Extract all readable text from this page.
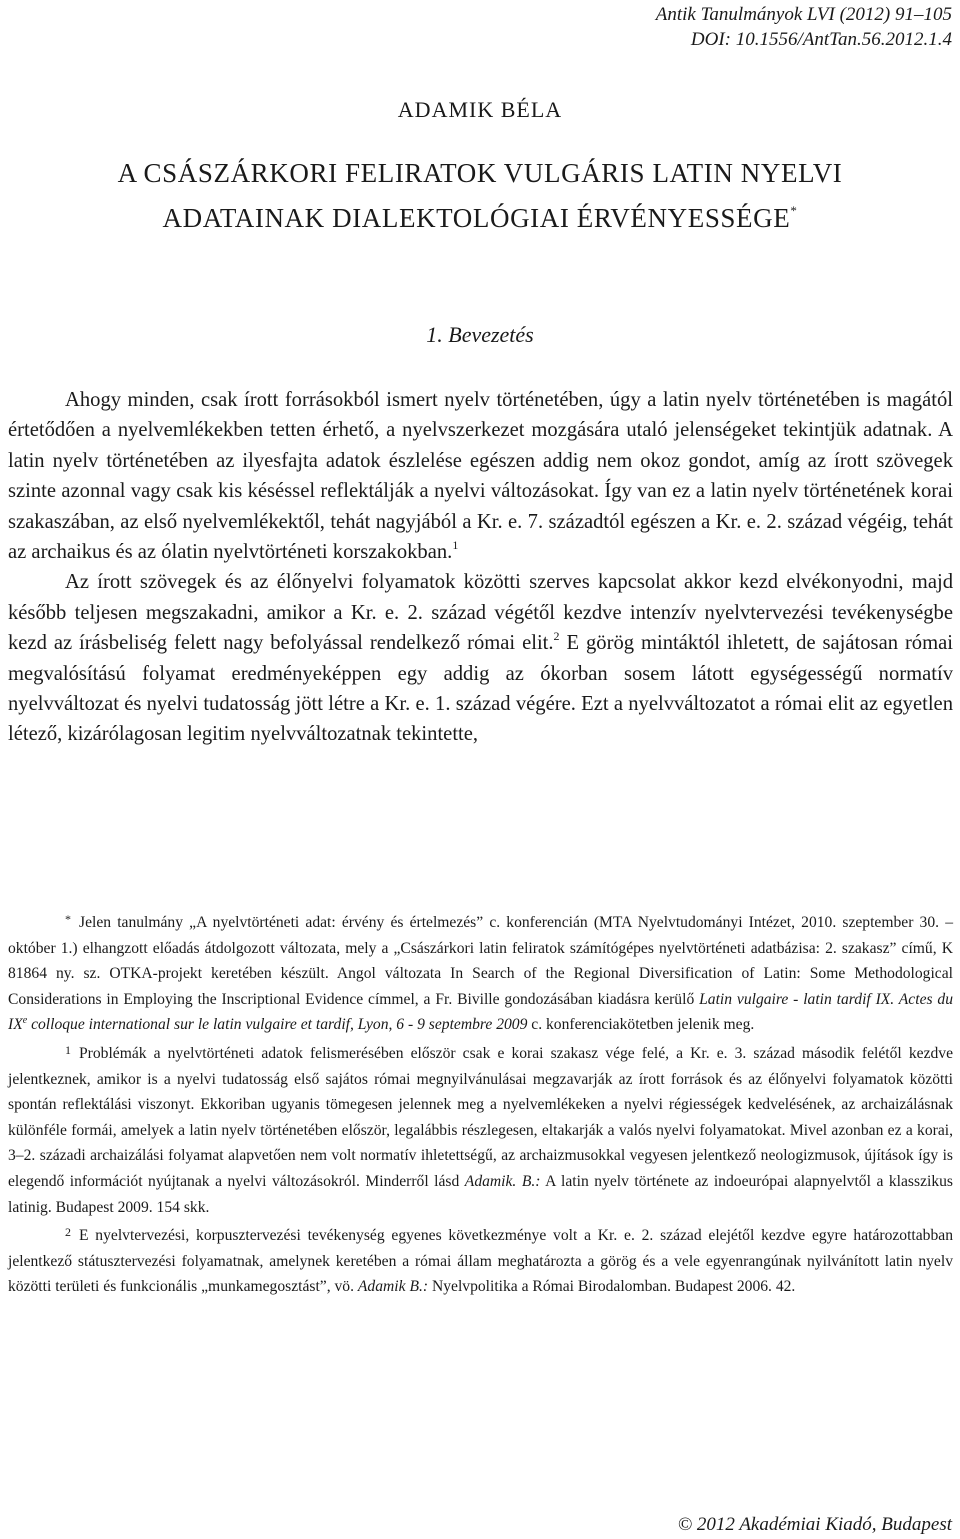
Antik Tanulmányok LVI (2012) 91–105
DOI: 10.1556/AntTan.56.2012.1.4
ADAMIK BÉLA
A CSÁSZÁRKORI FELIRATOK VULGÁRIS LATIN NYELVI
ADATAINAK DIALEKTOLÓGIAI ÉRVÉNYESSÉGE*
1. Bevezetés

Ahogy minden, csak írott forrásokból ismert nyelv történetében, úgy a latin nyelv történetében is magától értetődően a nyelvemlékekben tetten érhető, a nyelvszerkezet mozgására utaló jelenségeket tekintjük adatnak. A latin nyelv történetében az ilyesfajta adatok észlelése egészen addig nem okoz gondot, amíg az írott szövegek szinte azonnal vagy csak kis késéssel reflektálják a nyelvi változásokat. Így van ez a latin nyelv történetének korai szakaszában, az első nyelvemlékektől, tehát nagyjából a Kr. e. 7. századtól egészen a Kr. e. 2. század végéig, tehát az archaikus és az ólatin nyelvtörténeti korszakokban.$^1$

Az írott szövegek és az élőnyelvi folyamatok közötti szerves kapcsolat akkor kezd elvékonyodni, majd később teljesen megszakadni, amikor a Kr. e. 2. század végétől kezdve intenzív nyelvtervezési tevékenységbe kezd az írásbeliség felett nagy befolyással rendelkező római elit.$^2$ E görög mintáktól ihletett, de sajátosan római megvalósítású folyamat eredményeképpen egy addig az ókorban sosem látott egységességű normatív nyelvváltozat és nyelvi tudatosság jött létre a Kr. e. 1. század végére. Ezt a nyelvváltozatot a római elit az egyetlen létező, kizárólagosan legitim nyelvváltozatnak tekintette,

* Jelen tanulmány „A nyelvtörténeti adat: érvény és értelmezés” c. konferencián (MTA Nyelvtudományi Intézet, 2010. szeptember 30. – október 1.) elhangzott előadás átdolgozott változata, mely a „Császárkori latin feliratok számítógépes nyelvtörténeti adatbázisa: 2. szakasz” című, K 81864 ny. sz. OTKA-projekt keretében készült. Angol változata In Search of the Regional Diversification of Latin: Some Methodological Considerations in Employing the Inscriptional Evidence címmel, a Fr. Biville gondozásában kiadásra kerülő Latin vulgaire - latin tardif IX. Actes du IXe colloque international sur le latin vulgaire et tardif, Lyon, 6 - 9 septembre 2009 c. konferenciakötetben jelenik meg.

$^1$ Problémák a nyelvtörténeti adatok felismerésében először csak e korai szakasz vége felé, a Kr. e. 3. század második felétől kezdve jelentkeznek, amikor is a nyelvi tudatosság első sajátos római megnyilvánulásai megzavarják az írott források és az élőnyelvi folyamatok közötti spontán reflektálási viszonyt. Ekkoriban ugyanis tömegesen jelennek meg a nyelvemlékeken a nyelvi régiességek kedvelésének, az archaizálásnak különféle formái, amelyek a latin nyelv történetében először, legalábbis részlegesen, eltakarják a valós nyelvi folyamatokat. Mivel azonban ez a korai, 3–2. századi archaizálási folyamat alapvetően nem volt normatív ihletettségű, az archaizmusokkal vegyesen jelentkező neologizmusok, újítások így is elegendő információt nyújtanak a nyelvi változásokról. Minderről lásd Adamik. B.: A latin nyelv története az indoeurópai alapnyelvtől a klasszikus latinig. Budapest 2009. 154 skk.

$^2$ E nyelvtervezési, korpusztervezési tevékenység egyenes következménye volt a Kr. e. 2. század elejétől kezdve egyre határozottabban jelentkező státusztervezési folyamatnak, amelynek keretében a római állam meghatározta a görög és a vele egyenrangúnak nyilvánított latin nyelv közötti területi és funkcionális „munkamegosztást”, vö. Adamik B.: Nyelvpolitika a Római Birodalomban. Budapest 2006. 42.

© 2012 Akadémiai Kiadó, Budapest
